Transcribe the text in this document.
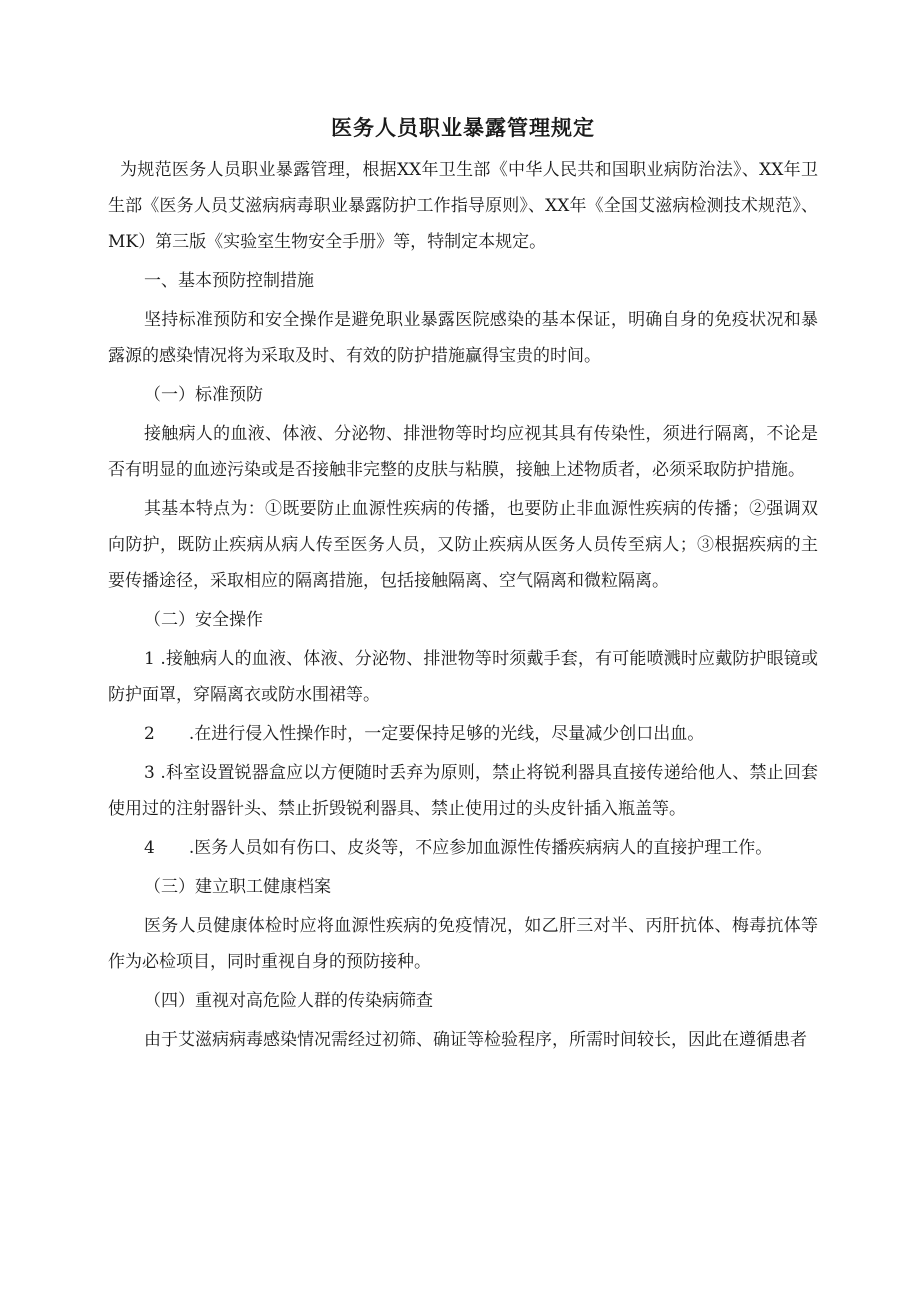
医务人员职业暴露管理规定

为规范医务人员职业暴露管理，根据XX年卫生部《中华人民共和国职业病防治法》、XX年卫生部《医务人员艾滋病病毒职业暴露防护工作指导原则》、XX年《全国艾滋病检测技术规范》、MK）第三版《实验室生物安全手册》等，特制定本规定。

一、基本预防控制措施

坚持标准预防和安全操作是避免职业暴露医院感染的基本保证，明确自身的免疫状况和暴露源的感染情况将为采取及时、有效的防护措施赢得宝贵的时间。

（一）标准预防

接触病人的血液、体液、分泌物、排泄物等时均应视其具有传染性，须进行隔离，不论是否有明显的血迹污染或是否接触非完整的皮肤与粘膜，接触上述物质者，必须采取防护措施。

其基本特点为：①既要防止血源性疾病的传播，也要防止非血源性疾病的传播；②强调双向防护，既防止疾病从病人传至医务人员，又防止疾病从医务人员传至病人；③根据疾病的主要传播途径，采取相应的隔离措施，包括接触隔离、空气隔离和微粒隔离。

（二）安全操作

1 .接触病人的血液、体液、分泌物、排泄物等时须戴手套，有可能喷溅时应戴防护眼镜或防护面罩，穿隔离衣或防水围裙等。

2 .在进行侵入性操作时，一定要保持足够的光线，尽量减少创口出血。

3 .科室设置锐器盒应以方便随时丢弃为原则，禁止将锐利器具直接传递给他人、禁止回套使用过的注射器针头、禁止折毁锐利器具、禁止使用过的头皮针插入瓶盖等。

4 .医务人员如有伤口、皮炎等，不应参加血源性传播疾病病人的直接护理工作。

（三）建立职工健康档案

医务人员健康体检时应将血源性疾病的免疫情况，如乙肝三对半、丙肝抗体、梅毒抗体等作为必检项目，同时重视自身的预防接种。

（四）重视对高危险人群的传染病筛查

由于艾滋病病毒感染情况需经过初筛、确证等检验程序，所需时间较长，因此在遵循患者
